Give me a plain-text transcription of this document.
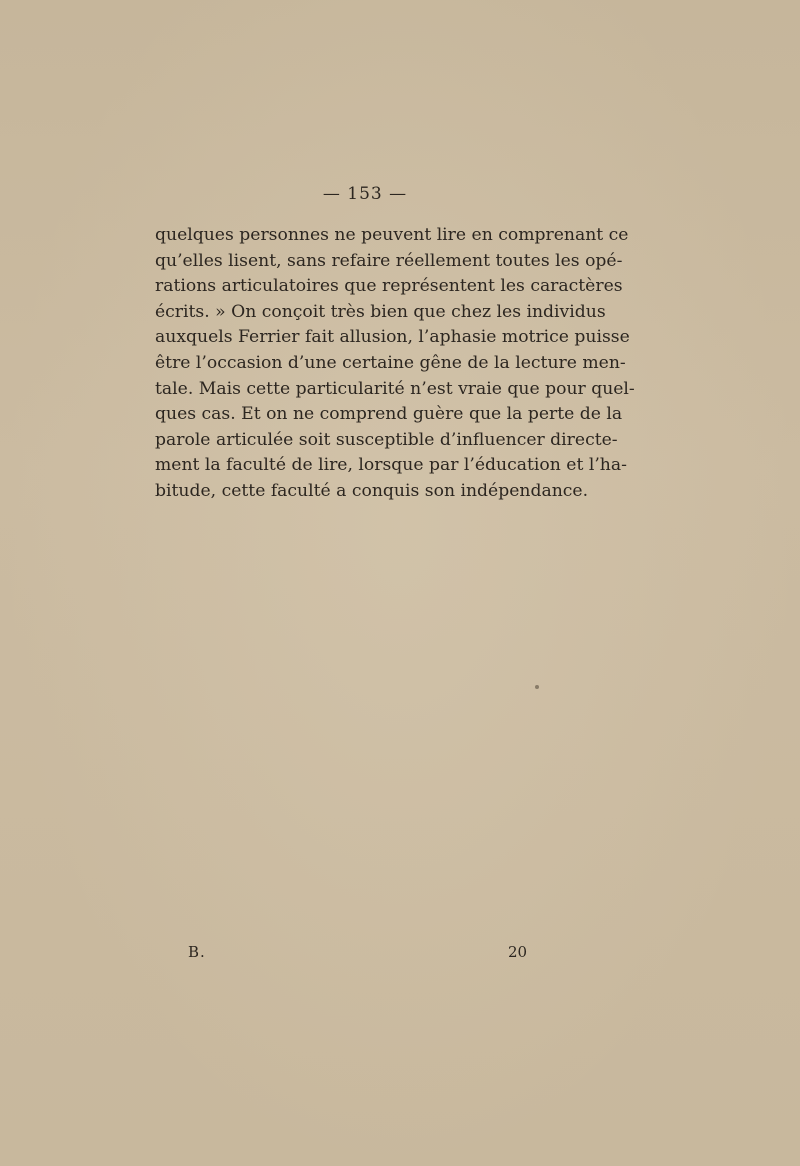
— 153 —
quelques personnes ne peuvent lire en comprenant ce
qu’elles lisent, sans refaire réellement toutes les opé-
rations articulatoires que représentent les caractères
écrits. » On conçoit très bien que chez les individus
auxquels Ferrier fait allusion, l’aphasie motrice puisse
être l’occasion d’une certaine gêne de la lecture men-
tale. Mais cette particularité n’est vraie que pour quel-
ques cas. Et on ne comprend guère que la perte de la
parole articulée soit susceptible d’influencer directe-
ment la faculté de lire, lorsque par l’éducation et l’ha-
bitude, cette faculté a conquis son indépendance.
B.	20
